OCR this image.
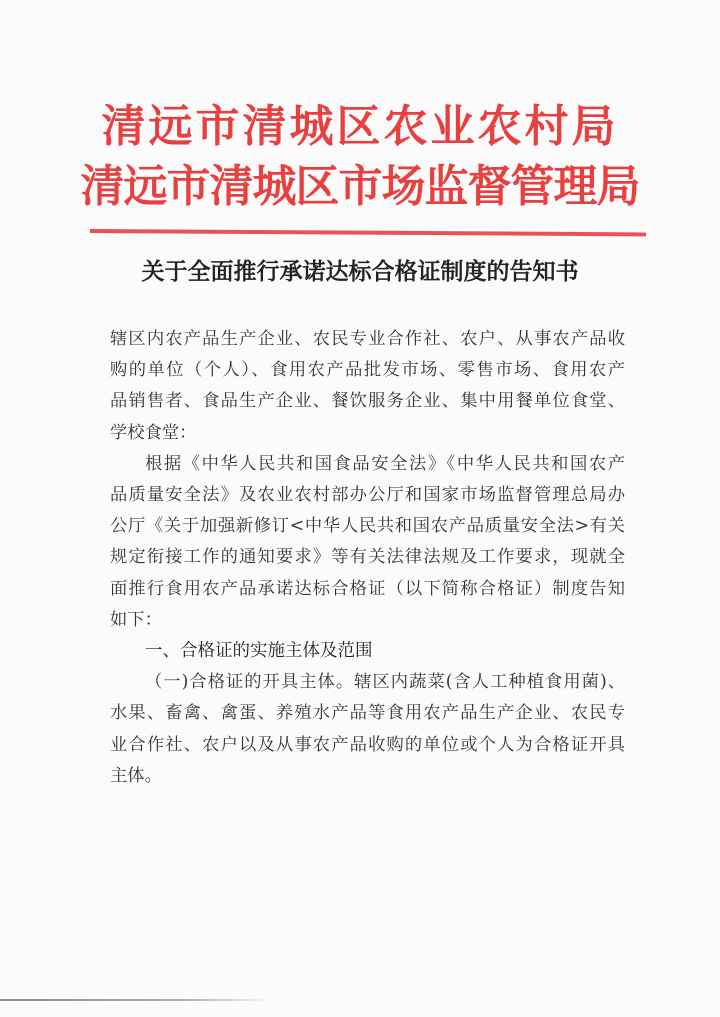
清远市清城区农业农村局
清远市清城区市场监督管理局
关于全面推行承诺达标合格证制度的告知书
辖区内农产品生产企业、农民专业合作社、农户、从事农产品收
购的单位（个人）、食用农产品批发市场、零售市场、食用农产
品销售者、食品生产企业、餐饮服务企业、集中用餐单位食堂、
学校食堂：
根据《中华人民共和国食品安全法》《中华人民共和国农产
品质量安全法》及农业农村部办公厅和国家市场监督管理总局办
公厅《关于加强新修订<中华人民共和国农产品质量安全法>有关
规定衔接工作的通知要求》等有关法律法规及工作要求，现就全
面推行食用农产品承诺达标合格证（以下简称合格证）制度告知
如下：
一、合格证的实施主体及范围
（一)合格证的开具主体。辖区内蔬菜(含人工种植食用菌)、
水果、畜禽、禽蛋、养殖水产品等食用农产品生产企业、农民专
业合作社、农户以及从事农产品收购的单位或个人为合格证开具
主体。
